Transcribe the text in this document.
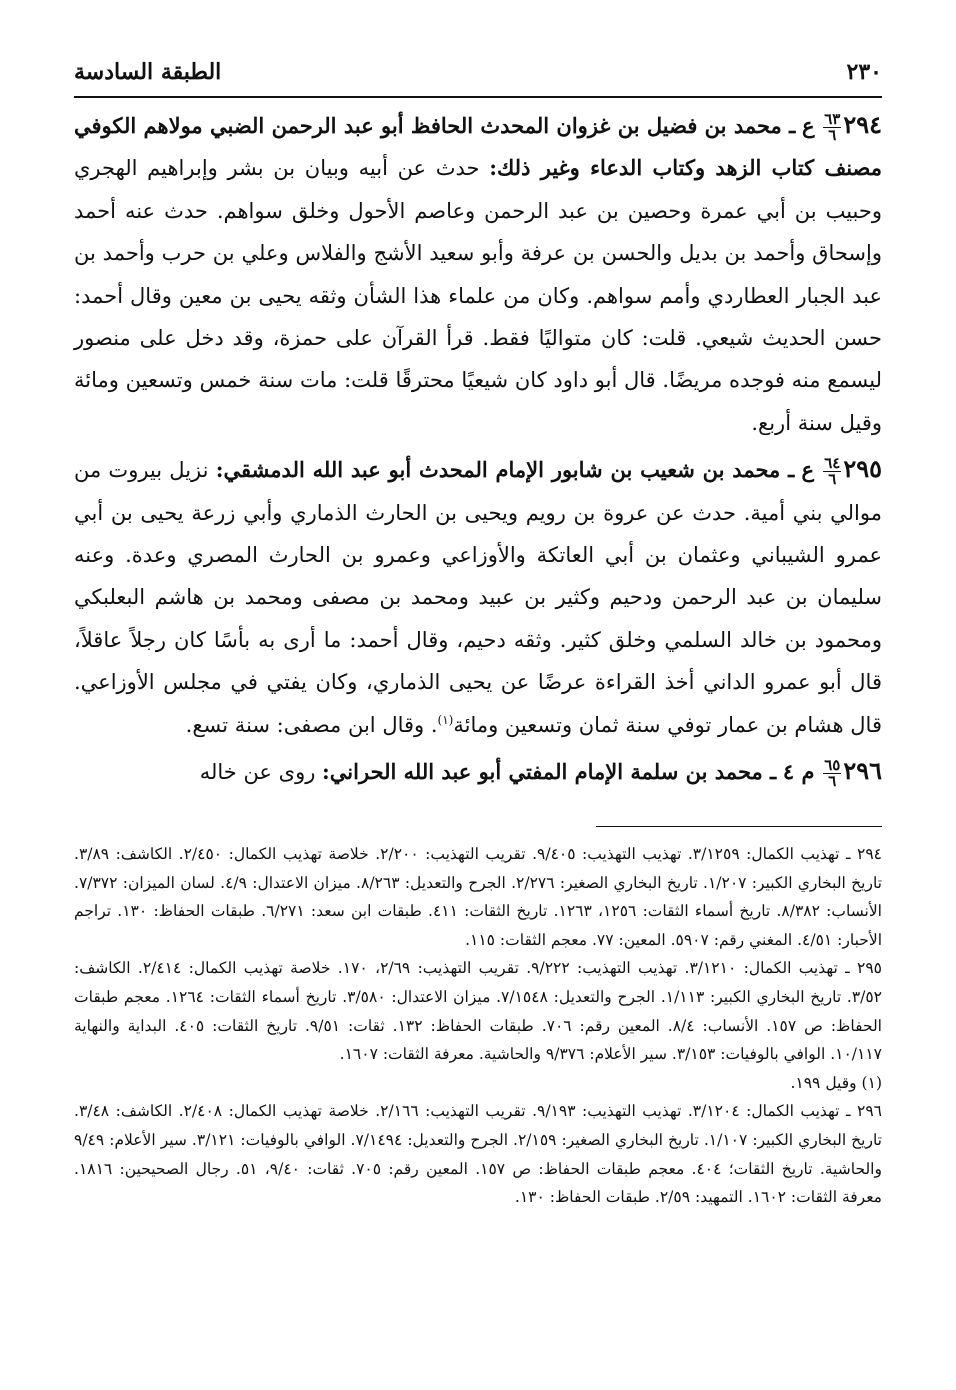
٢٣٠
الطبقة السادسة

٢٩٤
$\frac{٦٣}{٦}$
ع ـ محمد بن فضيل بن غزوان المحدث الحافظ أبو عبد الرحمن الضبي مولاهم الكوفي مصنف كتاب الزهد وكتاب الدعاء وغير ذلك: حدث عن أبيه وبيان بن بشر وإبراهيم الهجري وحبيب بن أبي عمرة وحصين بن عبد الرحمن وعاصم الأحول وخلق سواهم. حدث عنه أحمد وإسحاق وأحمد بن بديل والحسن بن عرفة وأبو سعيد الأشج والفلاس وعلي بن حرب وأحمد بن عبد الجبار العطاردي وأمم سواهم. وكان من علماء هذا الشأن وثقه يحيى بن معين وقال أحمد: حسن الحديث شيعي. قلت: كان متواليًا فقط. قرأ القرآن على حمزة، وقد دخل على منصور ليسمع منه فوجده مريضًا. قال أبو داود كان شيعيًا محترقًا قلت: مات سنة خمس وتسعين ومائة وقيل سنة أربع.

٢٩٥
$\frac{٦٤}{٦}$
ع ـ محمد بن شعيب بن شابور الإمام المحدث أبو عبد الله الدمشقي: نزيل بيروت من موالي بني أمية. حدث عن عروة بن رويم ويحيى بن الحارث الذماري وأبي زرعة يحيى بن أبي عمرو الشيباني وعثمان بن أبي العاتكة والأوزاعي وعمرو بن الحارث المصري وعدة. وعنه سليمان بن عبد الرحمن ودحيم وكثير بن عبيد ومحمد بن مصفى ومحمد بن هاشم البعلبكي ومحمود بن خالد السلمي وخلق كثير. وثقه دحيم، وقال أحمد: ما أرى به بأسًا كان رجلاً عاقلاً، قال أبو عمرو الداني أخذ القراءة عرضًا عن يحيى الذماري، وكان يفتي في مجلس الأوزاعي. قال هشام بن عمار توفي سنة ثمان وتسعين ومائة$^{(١)}$. وقال ابن مصفى: سنة تسع.

٢٩٦
$\frac{٦٥}{٦}$
م ٤ ـ محمد بن سلمة الإمام المفتي أبو عبد الله الحراني: روى عن خاله

٢٩٤ ـ تهذيب الكمال: ٣/١٢٥٩. تهذيب التهذيب: ٩/٤٠٥. تقريب التهذيب: ٢/٢٠٠. خلاصة تهذيب الكمال: ٢/٤٥٠. الكاشف: ٣/٨٩. تاريخ البخاري الكبير: ١/٢٠٧. تاريخ البخاري الصغير: ٢/٢٧٦. الجرح والتعديل: ٨/٢٦٣. ميزان الاعتدال: ٤/٩. لسان الميزان: ٧/٣٧٢. الأنساب: ٨/٣٨٢. تاريخ أسماء الثقات: ١٢٥٦، ١٢٦٣. تاريخ الثقات: ٤١١. طبقات ابن سعد: ٦/٢٧١. طبقات الحفاظ: ١٣٠. تراجم الأحبار: ٤/٥١. المغني رقم: ٥٩٠٧. المعين: ٧٧. معجم الثقات: ١١٥.

٢٩٥ ـ تهذيب الكمال: ٣/١٢١٠. تهذيب التهذيب: ٩/٢٢٢. تقريب التهذيب: ٢/٦٩، ١٧٠. خلاصة تهذيب الكمال: ٢/٤١٤. الكاشف: ٣/٥٢. تاريخ البخاري الكبير: ١/١١٣. الجرح والتعديل: ٧/١٥٤٨. ميزان الاعتدال: ٣/٥٨٠. تاريخ أسماء الثقات: ١٢٦٤. معجم طبقات الحفاظ: ص ١٥٧. الأنساب: ٨/٤. المعين رقم: ٧٠٦. طبقات الحفاظ: ١٣٢. ثقات: ٩/٥١. تاريخ الثقات: ٤٠٥. البداية والنهاية ١٠/١١٧. الوافي بالوفيات: ٣/١٥٣. سير الأعلام: ٩/٣٧٦ والحاشية. معرفة الثقات: ١٦٠٧.

(١) وقيل ١٩٩.

٢٩٦ ـ تهذيب الكمال: ٣/١٢٠٤. تهذيب التهذيب: ٩/١٩٣. تقريب التهذيب: ٢/١٦٦. خلاصة تهذيب الكمال: ٢/٤٠٨. الكاشف: ٣/٤٨. تاريخ البخاري الكبير: ١/١٠٧. تاريخ البخاري الصغير: ٢/١٥٩. الجرح والتعديل: ٧/١٤٩٤. الوافي بالوفيات: ٣/١٢١. سير الأعلام: ٩/٤٩ والحاشية. تاريخ الثقات؛ ٤٠٤. معجم طبقات الحفاظ: ص ١٥٧. المعين رقم: ٧٠٥. ثقات: ٩/٤٠، ٥١. رجال الصحيحين: ١٨١٦. معرفة الثقات: ١٦٠٢. التمهيد: ٢/٥٩. طبقات الحفاظ: ١٣٠.
